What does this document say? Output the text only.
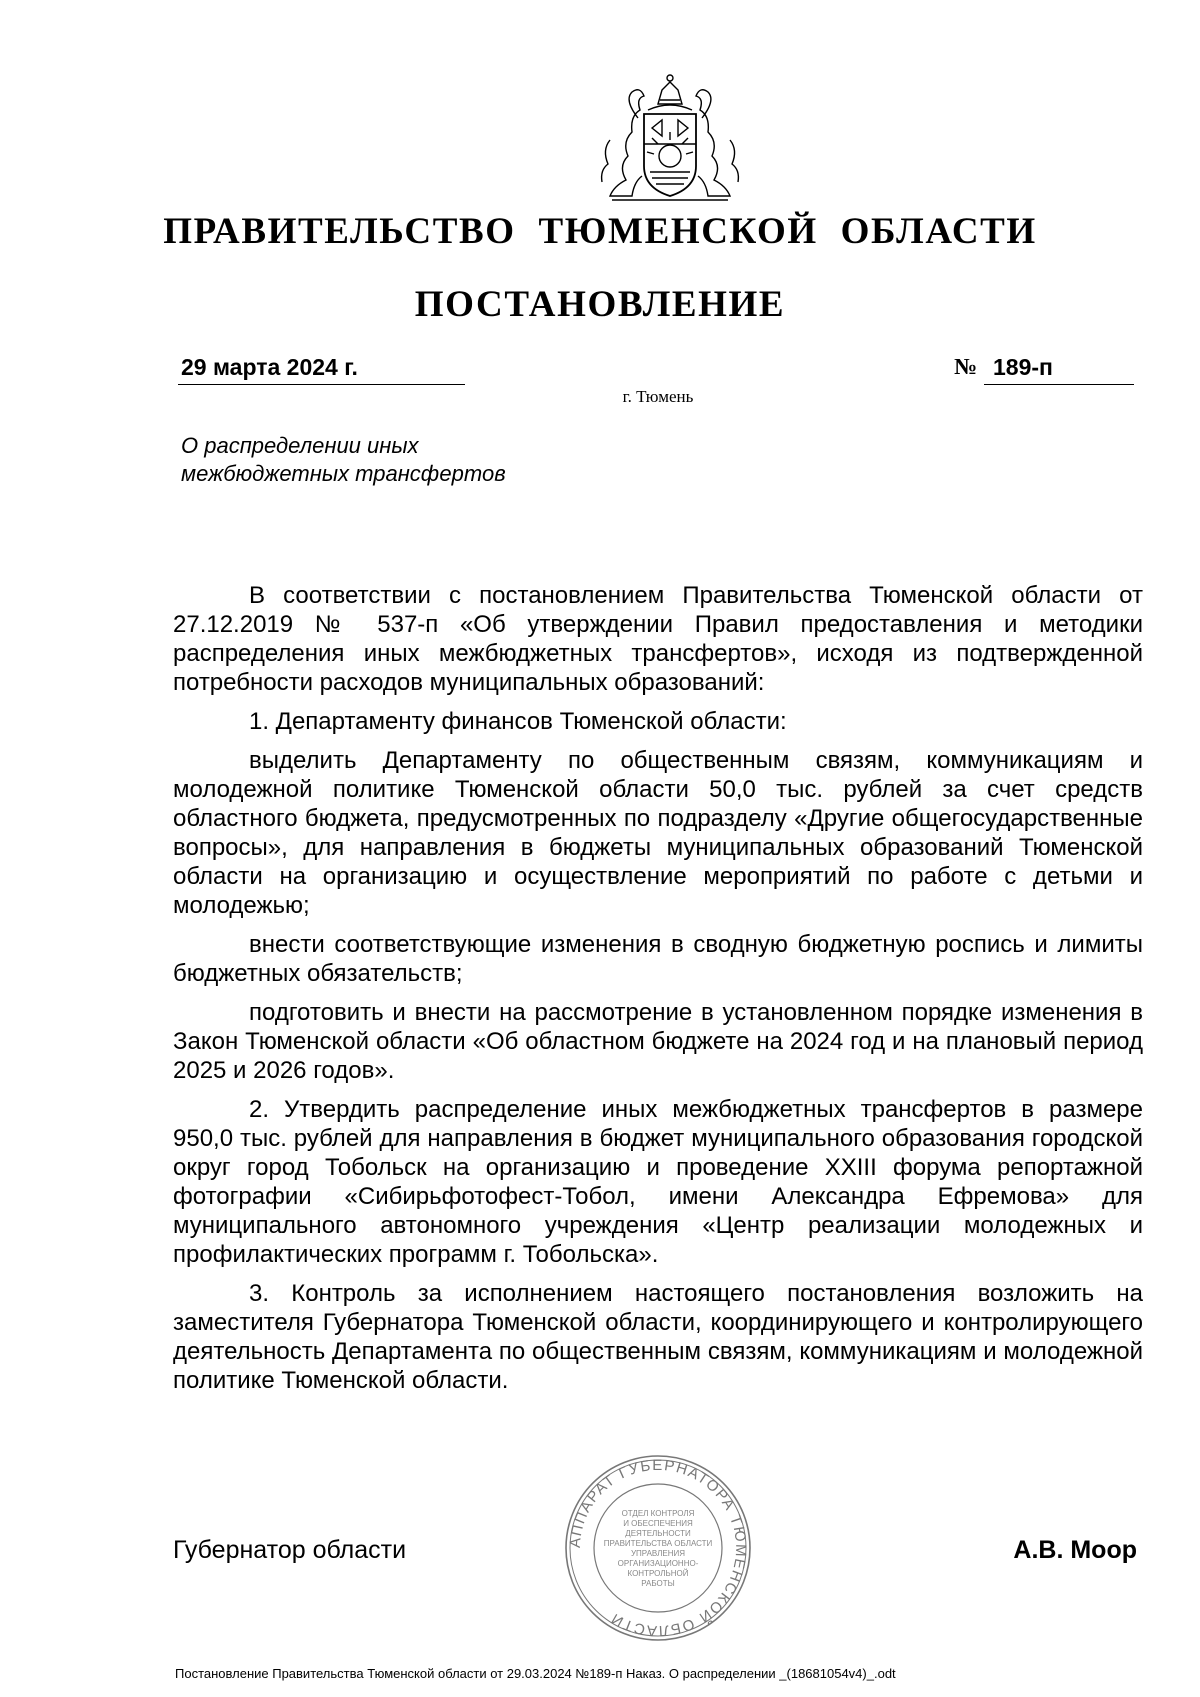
ПРАВИТЕЛЬСТВО ТЮМЕНСКОЙ ОБЛАСТИ
ПОСТАНОВЛЕНИЕ
29 марта 2024 г.	№ 189-п
г. Тюмень
О распределении иных
межбюджетных трансфертов

В соответствии с постановлением Правительства Тюменской области от 27.12.2019 № 537-п «Об утверждении Правил предоставления и методики распределения иных межбюджетных трансфертов», исходя из подтвержденной потребности расходов муниципальных образований:

1. Департаменту финансов Тюменской области:

выделить Департаменту по общественным связям, коммуникациям и молодежной политике Тюменской области 50,0 тыс. рублей за счет средств областного бюджета, предусмотренных по подразделу «Другие общегосударственные вопросы», для направления в бюджеты муниципальных образований Тюменской области на организацию и осуществление мероприятий по работе с детьми и молодежью;

внести соответствующие изменения в сводную бюджетную роспись и лимиты бюджетных обязательств;

подготовить и внести на рассмотрение в установленном порядке изменения в Закон Тюменской области «Об областном бюджете на 2024 год и на плановый период 2025 и 2026 годов».

2. Утвердить распределение иных межбюджетных трансфертов в размере 950,0 тыс. рублей для направления в бюджет муниципального образования городской округ город Тобольск на организацию и проведение XXIII форума репортажной фотографии «Сибирьфотофест-Тобол, имени Александра Ефремова» для муниципального автономного учреждения «Центр реализации молодежных и профилактических программ г. Тобольска».

3. Контроль за исполнением настоящего постановления возложить на заместителя Губернатора Тюменской области, координирующего и контролирующего деятельность Департамента по общественным связям, коммуникациям и молодежной политике Тюменской области.

Губернатор области	АППАРАТ ГУБЕРНАТОРА ТЮМЕНСКОЙ ОБЛАСТИ
ОТДЕЛ КОНТРОЛЯ
И ОБЕСПЕЧЕНИЯ
ДЕЯТЕЛЬНОСТИ
ПРАВИТЕЛЬСТВА ОБЛАСТИ
УПРАВЛЕНИЯ
ОРГАНИЗАЦИОННО-
КОНТРОЛЬНОЙ
РАБОТЫ
А.В. Моор
Постановление Правительства Тюменской области от 29.03.2024 №189-п Наказ. О распределении _(18681054v4)_.odt
